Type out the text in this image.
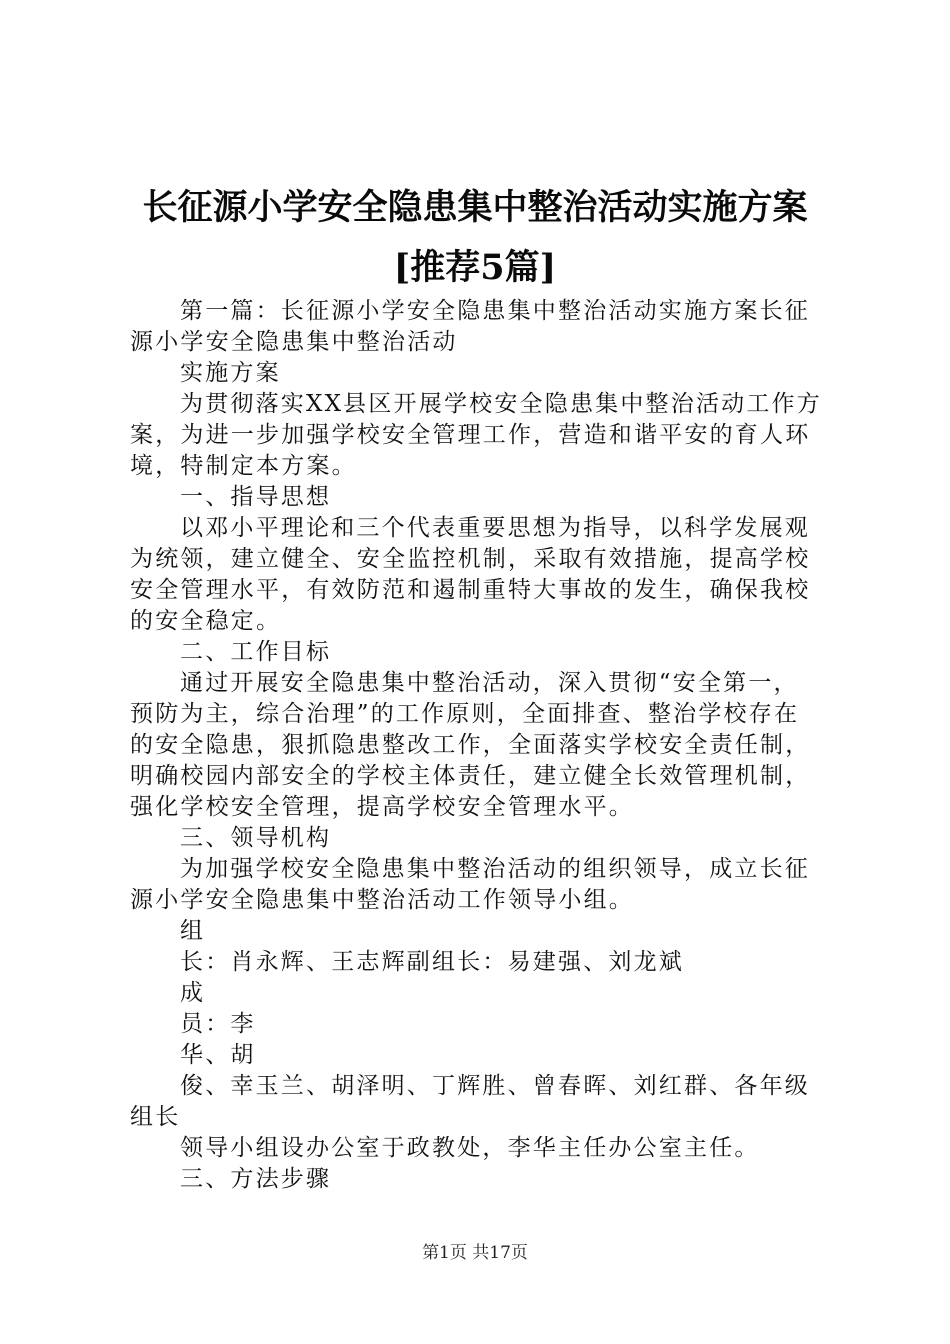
长征源小学安全隐患集中整治活动实施方案
[推荐5篇]
第一篇：长征源小学安全隐患集中整治活动实施方案长征
源小学安全隐患集中整治活动
实施方案
为贯彻落实XX县区开展学校安全隐患集中整治活动工作方
案，为进一步加强学校安全管理工作，营造和谐平安的育人环
境，特制定本方案。
一、指导思想
以邓小平理论和三个代表重要思想为指导，以科学发展观
为统领，建立健全、安全监控机制，采取有效措施，提高学校
安全管理水平，有效防范和遏制重特大事故的发生，确保我校
的安全稳定。
二、工作目标
通过开展安全隐患集中整治活动，深入贯彻“安全第一，
预防为主，综合治理”的工作原则，全面排查、整治学校存在
的安全隐患，狠抓隐患整改工作，全面落实学校安全责任制，
明确校园内部安全的学校主体责任，建立健全长效管理机制，
强化学校安全管理，提高学校安全管理水平。
三、领导机构
为加强学校安全隐患集中整治活动的组织领导，成立长征
源小学安全隐患集中整治活动工作领导小组。
组
长：肖永辉、王志辉副组长：易建强、刘龙斌
成
员：李
华、胡
俊、幸玉兰、胡泽明、丁辉胜、曾春晖、刘红群、各年级
组长
领导小组设办公室于政教处，李华主任办公室主任。
三、方法步骤
第1页 共17页
